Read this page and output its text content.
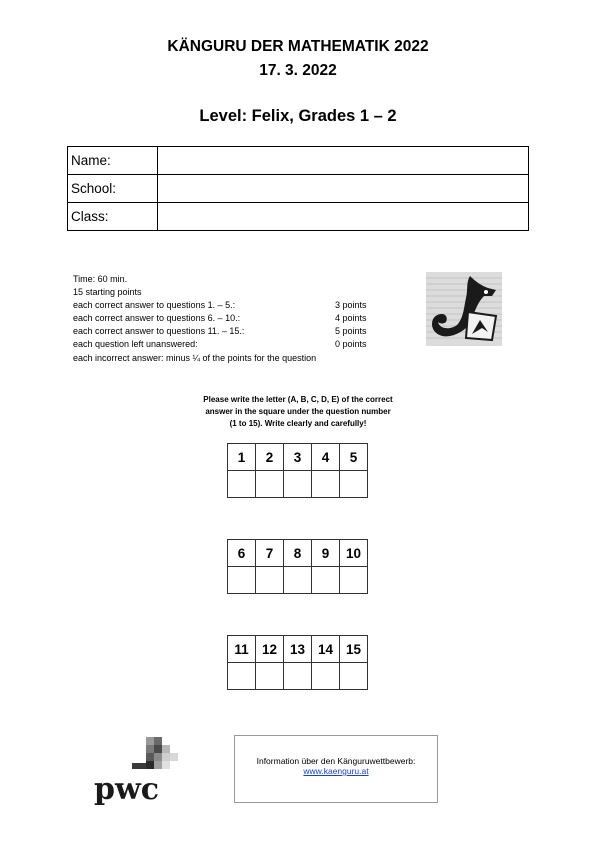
KÄNGURU DER MATHEMATIK 2022
17. 3. 2022
Level: Felix, Grades 1 – 2
Name:	
School:	
Class:	
Time: 60 min.
15 starting points
each correct answer to questions 1. – 5.:	3 points
each correct answer to questions 6. – 10.:	4 points
each correct answer to questions 11. – 15.:	5 points
each question left unanswered:	0 points
each incorrect answer: minus ¼ of the points for the question
Please write the letter (A, B, C, D, E) of the correct
answer in the square under the question number
(1 to 15). Write clearly and carefully!
1	2	3	4	5

6	7	8	9	10

11	12	13	14	15

pwc
Information über den Känguruwettbewerb:
www.kaenguru.at
